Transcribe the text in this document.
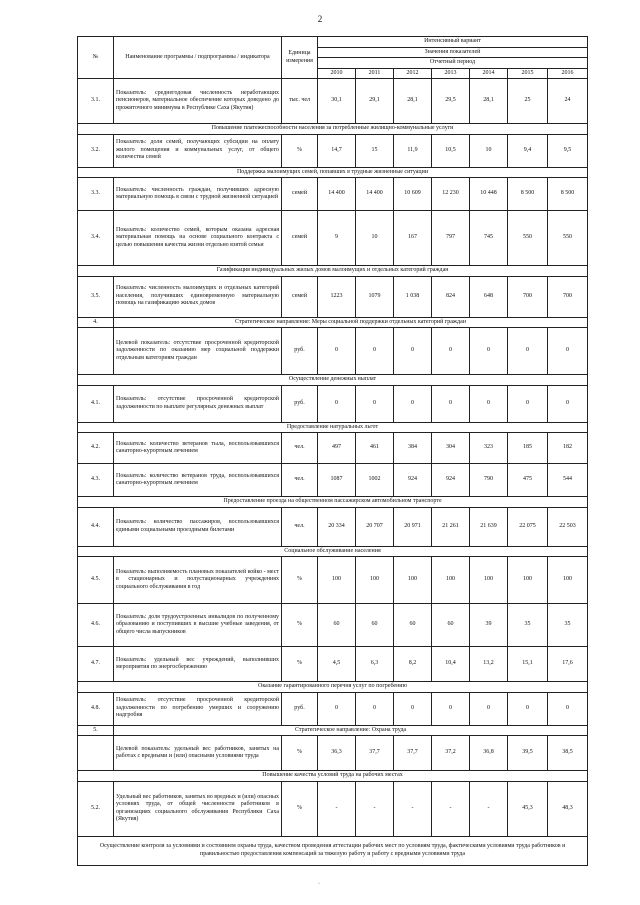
2
№	Наименование программы / подпрограммы / индикатора	Единица измерения	Интенсивный вариант						
			Значения показателей						
			Отчетный период						
			2010	2011	2012	2013	2014	2015	2016
3.1.	Показатель: среднегодовая численность неработающих пенсионеров, материальное обеспечение которых доведено до прожиточного минимума в Республике Саха (Якутия)	тыс. чел	30,1	29,1	28,1	29,5	28,1	25	24
Повышение платежеспособности населения за потребленные жилищно-коммунальные услуги									
3.2.	Показатель: доля семей, получающих субсидии на оплату жилого помещения и коммунальных услуг, от общего количества семей	%	14,7	15	11,9	10,5	10	9,4	9,5
Поддержка малоимущих семей, попавших в трудные жизненные ситуации									
3.3.	Показатель: численность граждан, получивших адресную материальную помощь в связи с трудной жизненной ситуацией	семей	14 400	14 400	10 609	12 230	10 448	8 500	8 500
3.4.	Показатель: количество семей, которым оказана адресная материальная помощь на основе социального контракта с целью повышения качества жизни отдельно взятой семьи	семей	9	10	167	797	745	550	550
Газификация индивидуальных жилых домов малоимущих и отдельных категорий граждан									
3.5.	Показатель: численность малоимущих и отдельных категорий населения, получивших единовременную материальную помощь на газификацию жилых домов	семей	1223	1079	1 038	824	648	700	700
4.	Стратегическое направление: Меры социальной поддержки отдельных категорий граждан								
	Целевой показатель: отсутствие просроченной кредиторской задолженности по оказанию мер социальной поддержки отдельным категориям граждан	руб.	0	0	0	0	0	0	0
Осуществление денежных выплат									
4.1.	Показатель: отсутствие просроченной кредиторской задолженности по выплате регулярных денежных выплат	руб.	0	0	0	0	0	0	0
Предоставление натуральных льгот									
4.2.	Показатель: количество ветеранов тыла, воспользовавшихся санаторно-курортным лечением	чел.	497	461	384	304	323	185	182
4.3.	Показатель: количество ветеранов труда, воспользовавшихся санаторно-курортным лечением	чел.	1087	1002	924	924	790	475	544
Предоставление проезда на общественном пассажирском автомобильном транспорте									
4.4.	Показатель: количество пассажиров, воспользовавшихся едиными социальными проездными билетами	чел.	20 334	20 707	20 971	21 261	21 639	22 075	22 503
Социальное обслуживание населения									
4.5.	Показатель: выполняемость плановых показателей койко - мест в стационарных и полустационарных учреждениях социального обслуживания в год	%	100	100	100	100	100	100	100
4.6.	Показатель: доля трудоустроенных инвалидов по полученному образованию и поступивших в высшие учебные заведения, от общего числа выпускников	%	60	60	60	60	39	35	35
4.7.	Показатель: удельный вес учреждений, выполнивших мероприятия по энергосбережению	%	4,5	6,3	8,2	10,4	13,2	15,1	17,6
Оказание гарантированного перечня услуг по погребению									
4.8.	Показатель: отсутствие просроченной кредиторской задолженности по погребению умерших и сооружению надгробия	руб.	0	0	0	0	0	0	0
5.	Стратегическое направление: Охрана труда								
	Целевой показатель: удельный вес работников, занятых на работах с вредными и (или) опасными условиями труда	%	36,3	37,7	37,7	37,2	36,8	39,5	38,5
Повышение качества условий труда на рабочих местах									
5.2.	Удельный вес работников, занятых во вредных и (или) опасных условиях труда, от общей численности работников в организациях социального обслуживания Республики Саха (Якутия)	%	-	-	-	-	-	45,3	48,3
Осуществление контроля за условиями и состоянием охраны труда, качеством проведения аттестации рабочих мест по условиям труда, фактическими условиями труда работников и правильностью предоставления компенсаций за тяжелую работу и работу с вредными условиями труда									
·
